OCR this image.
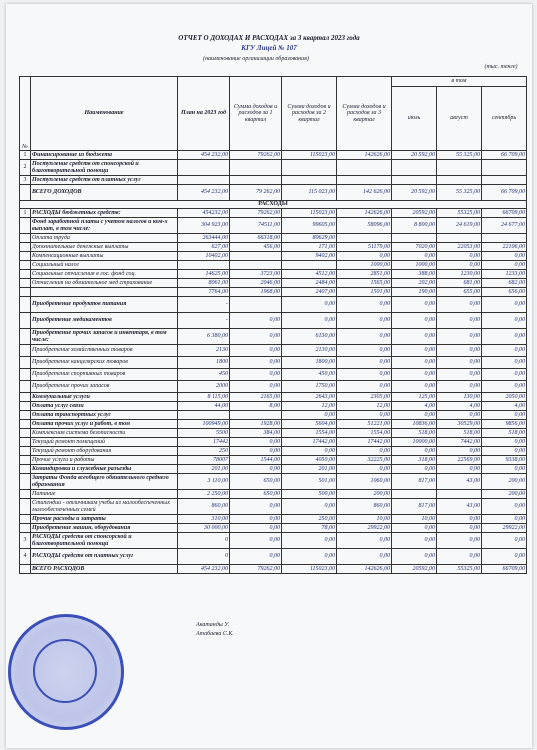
ОТЧЕТ О ДОХОДАХ И РАСХОДАХ за 3 квартал 2023 года
КГУ Лицей № 107
(наименование организации образования)
(тыс. тенге)
№	Наименование	План на 2023 год	Сумма доходов и расходов за 1 квартал	Сумма доходов и расходов за 2 квартал	Сумма доходов и расходов за 3 квартал	в том		
						июль	август	сентябрь
1	Финансирование из бюджета	454 232,00	79262,00	115023,00	142626,00	20 592,00	55 325,00	66 709,00
2	Поступление средств от спонсорской и благотворительной помощи							
3	Поступление средств от платных услуг							
	ВСЕГО ДОХОДОВ	454 232,00	79 262,00	115 023,00	142 626,00	20 592,00	55 325,00	66 709,00
РАСХОДЫ								
1	РАСХОДЫ бюджетных средств:	454232,00	79262,00	115023,00	142626,00	20592,00	55325,00	66709,00
	Фонд заработной платы с учетом налогов и ком-х выплат, в том числе:	304 923,00	74511,00	99605,00	58096,00	8 800,00	24 619,00	24 677,00
	Оплата труда	263444,00	66318,00	80629,00				
	Дополнительные денежные выплаты	627,00	456,00	171,00	51179,00	7020,00	22053,00	22106,00
	Компенсационные выплаты	10402,00		9402,00	0,00	0,00	0,00	0,00
	Социальный налог				1000,00	1000,00	0,00	0,00
	Социальные отчисления в гос. фонд соц.	14625,00	3723,00	4512,00	2851,00	388,00	1230,00	1233,00
	Отчисления на обязательное мед страхование	8061,00	2046,00	2484,00	1565,00	202,00	681,00	682,00
		7764,00	1968,00	2407,00	1501,00	190,00	655,00	656,00
	Приобретение продуктов питания	-		0,00	0,00	0,00	0,00	0,00
	Приобретение медикаментов	-	0,00	0,00	0,00	0,00	0,00	0,00
	Приобретение прочих запасов и инвентаря, в том числе:	6 380,00	0,00	6130,00	0,00	0,00	0,00	0,00
	Приобретение хозяйственных товаров	2130	0,00	2130,00	0,00	0,00	0,00	0,00
	Приобретение канцелярских товаров	1800	0,00	1800,00	0,00	0,00	0,00	0,00
	Приобретение спортивных товаров	450	0,00	450,00	0,00	0,00	0,00	0,00
	Приобретение прочих запасов	2000	0,00	1750,00	0,00	0,00	0,00	0,00
	Коммунальные услуги	8 115,00	2165,00	2643,00	2305,00	125,00	130,00	2050,00
	Оплата услуг связи	44,00	8,00	12,00	12,00	4,00	4,00	4,00
	Оплата транспортных услуг			0,00	0,00	0,00	0,00	0,00
	Оплата прочих услуг и работ, в том	100949,00	1928,00	5604,00	51221,00	10836,00	30529,00	9856,00
	Комплексная система безопасности	5500	384,00	1554,00	1554,00	518,00	518,00	518,00
	Текущий ремонт помещений	17442	0,00	17442,00	17442,00	10000,00	7442,00	0,00
	Текущий ремонт оборудования	250	0,00	0,00	0,00	0,00	0,00	0,00
	Прочие услуги и работы	78007	1544,00	4050,00	32225,00	318,00	22569,00	9338,00
	Командировки и служебные разъезды	201,00	0,00	201,00	0,00	0,00	0,00	0,00
	Затраты Фонда всеобщего обязательного среднего образования	3 110,00	650,00	501,00	1060,00	817,00	43,00	200,00
	Питание	2 250,00	650,00	500,00	200,00			200,00
	Стипендии - отличникам учебы из малообеспеченных малообеспеченных семей	860,00	0,00	0,00	860,00	817,00	43,00	0,00
	Прочие расходы и затраты	310,00	0,00	250,00	10,00	10,00	0,00	0,00
	Приобретение машин, оборудования	30 000,00	0,00	78,00	29922,00	0,00	0,00	29922,00
3	РАСХОДЫ средств от спонсорской и благотворительной помощи	0	0,00	0,00	0,00	0,00	0,00	0,00
4	РАСХОДЫ средств от платных услуг	0	0,00	0,00	0,00	0,00	0,00	0,00
	ВСЕГО РАСХОДОВ	454 232,00	79262,00	115023,00	142626,00	20592,00	55325,00	66709,00
Акатанды У.
Атабаева С.К.
